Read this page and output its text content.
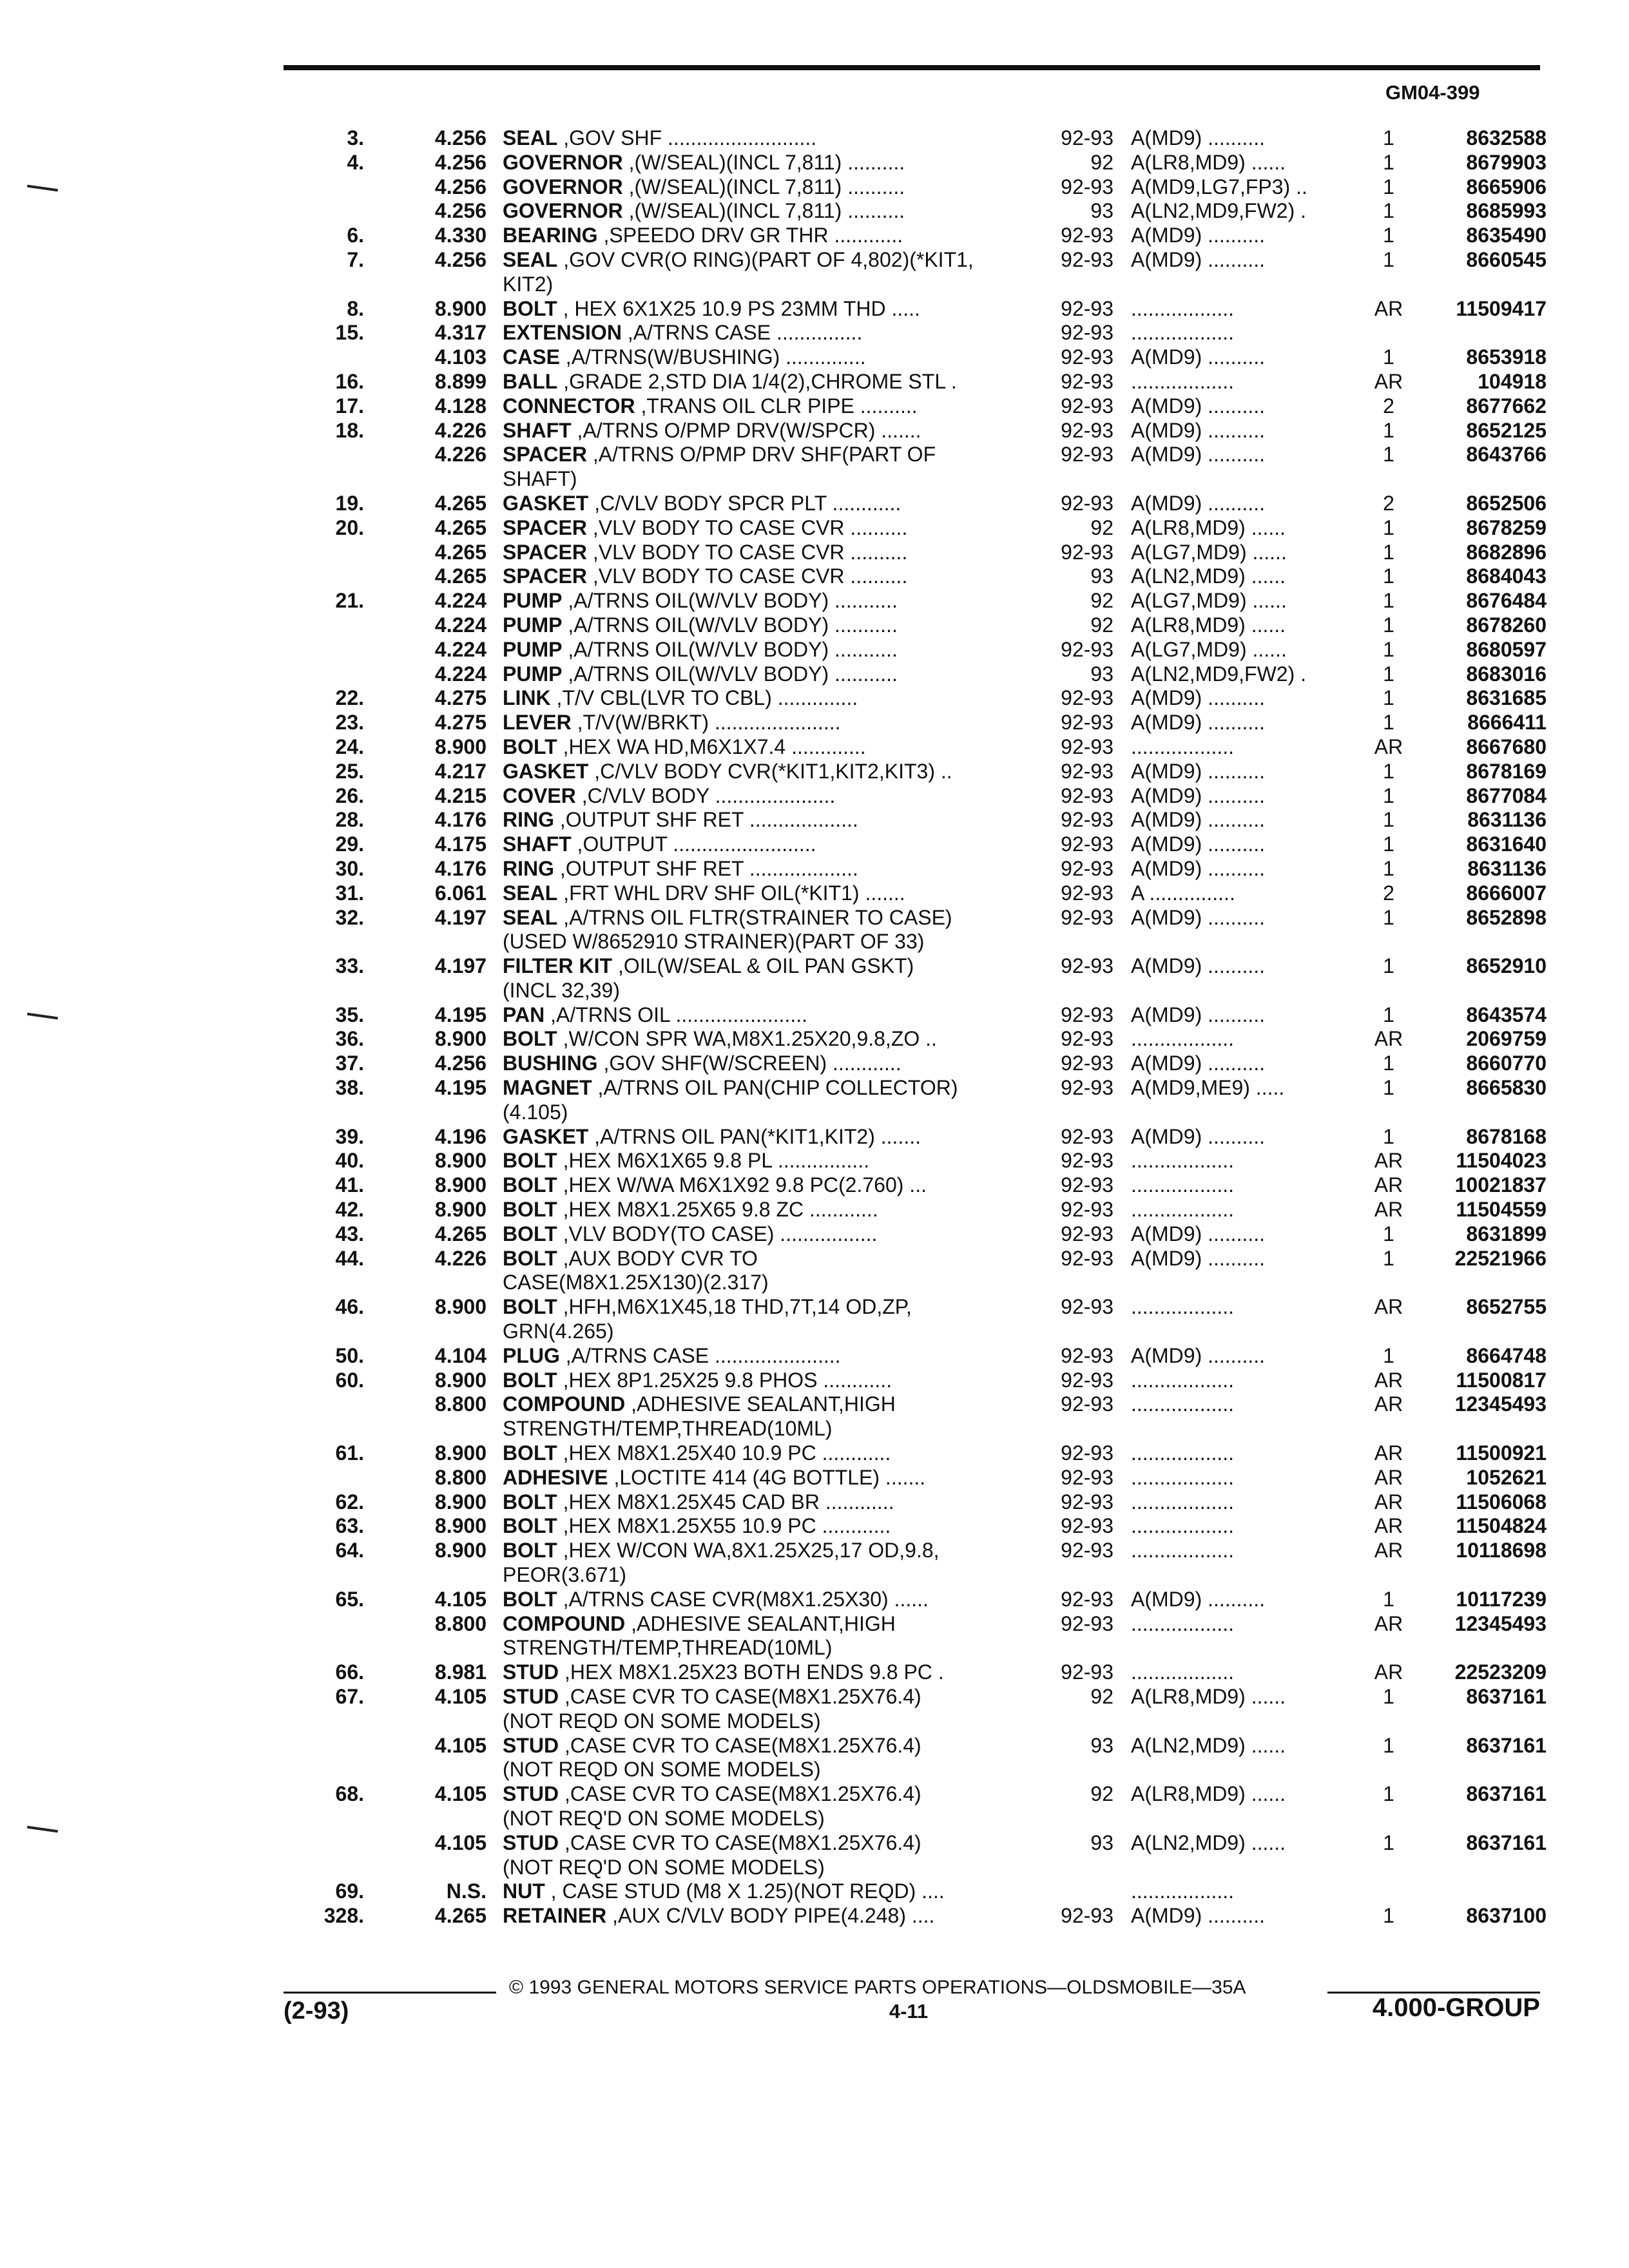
GM04-399
3.	4.256 SEAL ,GOV SHF ..........................	92-93 A(MD9) ..........	1	8632588
4.	4.256 GOVERNOR ,(W/SEAL)(INCL 7,811) ..........	92 A(LR8,MD9) ......	1	8679903
4.256 GOVERNOR ,(W/SEAL)(INCL 7,811) ..........	92-93 A(MD9,LG7,FP3) ..	1	8665906
4.256 GOVERNOR ,(W/SEAL)(INCL 7,811) ..........	93 A(LN2,MD9,FW2) .	1	8685993
6.	4.330 BEARING ,SPEEDO DRV GR THR ............	92-93 A(MD9) ..........	1	8635490
7.	4.256 SEAL ,GOV CVR(O RING)(PART OF 4,802)(*KIT1,	92-93 A(MD9) ..........	1	8660545
KIT2)
8.	8.900 BOLT , HEX 6X1X25 10.9 PS 23MM THD .....	92-93 ..................	AR	11509417
15.	4.317 EXTENSION ,A/TRNS CASE ...............	92-93 ..................
4.103 CASE ,A/TRNS(W/BUSHING) ..............	92-93 A(MD9) ..........	1	8653918
16.	8.899 BALL ,GRADE 2,STD DIA 1/4(2),CHROME STL .	92-93 ..................	AR	104918
17.	4.128 CONNECTOR ,TRANS OIL CLR PIPE ..........	92-93 A(MD9) ..........	2	8677662
18.	4.226 SHAFT ,A/TRNS O/PMP DRV(W/SPCR) .......	92-93 A(MD9) ..........	1	8652125
4.226 SPACER ,A/TRNS O/PMP DRV SHF(PART OF	92-93 A(MD9) ..........	1	8643766
SHAFT)
19.	4.265 GASKET ,C/VLV BODY SPCR PLT ............	92-93 A(MD9) ..........	2	8652506
20.	4.265 SPACER ,VLV BODY TO CASE CVR ..........	92 A(LR8,MD9) ......	1	8678259
4.265 SPACER ,VLV BODY TO CASE CVR ..........	92-93 A(LG7,MD9) ......	1	8682896
4.265 SPACER ,VLV BODY TO CASE CVR ..........	93 A(LN2,MD9) ......	1	8684043
21.	4.224 PUMP ,A/TRNS OIL(W/VLV BODY) ...........	92 A(LG7,MD9) ......	1	8676484
4.224 PUMP ,A/TRNS OIL(W/VLV BODY) ...........	92 A(LR8,MD9) ......	1	8678260
4.224 PUMP ,A/TRNS OIL(W/VLV BODY) ...........	92-93 A(LG7,MD9) ......	1	8680597
4.224 PUMP ,A/TRNS OIL(W/VLV BODY) ...........	93 A(LN2,MD9,FW2) .	1	8683016
22.	4.275 LINK ,T/V CBL(LVR TO CBL) ..............	92-93 A(MD9) ..........	1	8631685
23.	4.275 LEVER ,T/V(W/BRKT) ......................	92-93 A(MD9) ..........	1	8666411
24.	8.900 BOLT ,HEX WA HD,M6X1X7.4 .............	92-93 ..................	AR	8667680
25.	4.217 GASKET ,C/VLV BODY CVR(*KIT1,KIT2,KIT3) ..	92-93 A(MD9) ..........	1	8678169
26.	4.215 COVER ,C/VLV BODY .....................	92-93 A(MD9) ..........	1	8677084
28.	4.176 RING ,OUTPUT SHF RET ...................	92-93 A(MD9) ..........	1	8631136
29.	4.175 SHAFT ,OUTPUT .........................	92-93 A(MD9) ..........	1	8631640
30.	4.176 RING ,OUTPUT SHF RET ...................	92-93 A(MD9) ..........	1	8631136
31.	6.061 SEAL ,FRT WHL DRV SHF OIL(*KIT1) .......	92-93 A ...............	2	8666007
32.	4.197 SEAL ,A/TRNS OIL FLTR(STRAINER TO CASE)	92-93 A(MD9) ..........	1	8652898
(USED W/8652910 STRAINER)(PART OF 33)
33.	4.197 FILTER KIT ,OIL(W/SEAL & OIL PAN GSKT)	92-93 A(MD9) ..........	1	8652910
(INCL 32,39)
35.	4.195 PAN ,A/TRNS OIL .......................	92-93 A(MD9) ..........	1	8643574
36.	8.900 BOLT ,W/CON SPR WA,M8X1.25X20,9.8,ZO ..	92-93 ..................	AR	2069759
37.	4.256 BUSHING ,GOV SHF(W/SCREEN) ............	92-93 A(MD9) ..........	1	8660770
38.	4.195 MAGNET ,A/TRNS OIL PAN(CHIP COLLECTOR)	92-93 A(MD9,ME9) .....	1	8665830
(4.105)
39.	4.196 GASKET ,A/TRNS OIL PAN(*KIT1,KIT2) .......	92-93 A(MD9) ..........	1	8678168
40.	8.900 BOLT ,HEX M6X1X65 9.8 PL ................	92-93 ..................	AR	11504023
41.	8.900 BOLT ,HEX W/WA M6X1X92 9.8 PC(2.760) ...	92-93 ..................	AR	10021837
42.	8.900 BOLT ,HEX M8X1.25X65 9.8 ZC ............	92-93 ..................	AR	11504559
43.	4.265 BOLT ,VLV BODY(TO CASE) .................	92-93 A(MD9) ..........	1	8631899
44.	4.226 BOLT ,AUX BODY CVR TO	92-93 A(MD9) ..........	1	22521966
CASE(M8X1.25X130)(2.317)
46.	8.900 BOLT ,HFH,M6X1X45,18 THD,7T,14 OD,ZP,	92-93 ..................	AR	8652755
GRN(4.265)
50.	4.104 PLUG ,A/TRNS CASE ......................	92-93 A(MD9) ..........	1	8664748
60.	8.900 BOLT ,HEX 8P1.25X25 9.8 PHOS ............	92-93 ..................	AR	11500817
8.800 COMPOUND ,ADHESIVE SEALANT,HIGH	92-93 ..................	AR	12345493
STRENGTH/TEMP,THREAD(10ML)
61.	8.900 BOLT ,HEX M8X1.25X40 10.9 PC ............	92-93 ..................	AR	11500921
8.800 ADHESIVE ,LOCTITE 414 (4G BOTTLE) .......	92-93 ..................	AR	1052621
62.	8.900 BOLT ,HEX M8X1.25X45 CAD BR ............	92-93 ..................	AR	11506068
63.	8.900 BOLT ,HEX M8X1.25X55 10.9 PC ............	92-93 ..................	AR	11504824
64.	8.900 BOLT ,HEX W/CON WA,8X1.25X25,17 OD,9.8,	92-93 ..................	AR	10118698
PEOR(3.671)
65.	4.105 BOLT ,A/TRNS CASE CVR(M8X1.25X30) ......	92-93 A(MD9) ..........	1	10117239
8.800 COMPOUND ,ADHESIVE SEALANT,HIGH	92-93 ..................	AR	12345493
STRENGTH/TEMP,THREAD(10ML)
66.	8.981 STUD ,HEX M8X1.25X23 BOTH ENDS 9.8 PC .	92-93 ..................	AR	22523209
67.	4.105 STUD ,CASE CVR TO CASE(M8X1.25X76.4)	92 A(LR8,MD9) ......	1	8637161
(NOT REQD ON SOME MODELS)
4.105 STUD ,CASE CVR TO CASE(M8X1.25X76.4)	93 A(LN2,MD9) ......	1	8637161
(NOT REQD ON SOME MODELS)
68.	4.105 STUD ,CASE CVR TO CASE(M8X1.25X76.4)	92 A(LR8,MD9) ......	1	8637161
(NOT REQ'D ON SOME MODELS)
4.105 STUD ,CASE CVR TO CASE(M8X1.25X76.4)	93 A(LN2,MD9) ......	1	8637161
(NOT REQ'D ON SOME MODELS)
69.	N.S. NUT , CASE STUD (M8 X 1.25)(NOT REQD) ....	..................
328.	4.265 RETAINER ,AUX C/VLV BODY PIPE(4.248) ....	92-93 A(MD9) ..........	1	8637100
© 1993 GENERAL MOTORS SERVICE PARTS OPERATIONS—OLDSMOBILE—35A
(2-93)	4-11	4.000-GROUP
